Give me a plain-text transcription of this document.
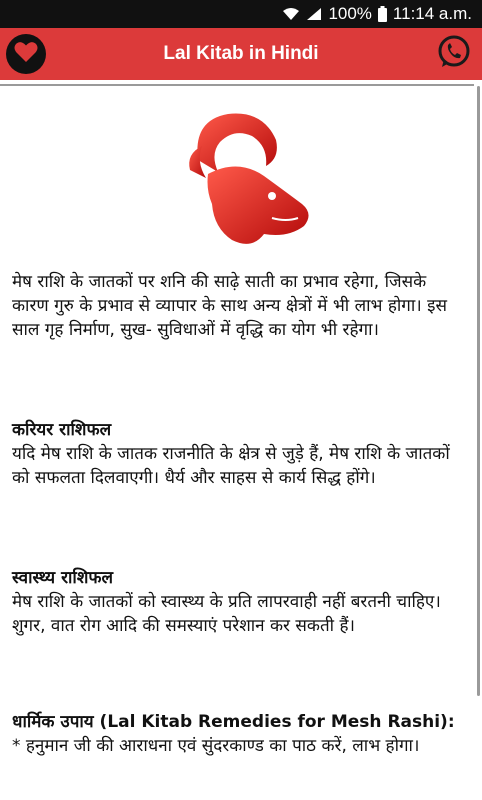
100% 11:14 a.m.
Lal Kitab in Hindi
मेष राशि के जातकों पर शनि की साढ़े साती का प्रभाव रहेगा, जिसके कारण गुरु के प्रभाव से व्यापार के साथ अन्य क्षेत्रों में भी लाभ होगा। इस साल गृह निर्माण, सुख- सुविधाओं में वृद्धि का योग भी रहेगा।
करियर राशिफल
यदि मेष राशि के जातक राजनीति के क्षेत्र से जुड़े हैं, मेष राशि के जातकों को सफलता दिलवाएगी। धैर्य और साहस से कार्य सिद्ध होंगे।
स्वास्थ्य राशिफल
मेष राशि के जातकों को स्वास्थ्य के प्रति लापरवाही नहीं बरतनी चाहिए। शुगर, वात रोग आदि की समस्याएं परेशान कर सकती हैं।
धार्मिक उपाय (Lal Kitab Remedies for Mesh Rashi):
* हनुमान जी की आराधना एवं सुंदरकाण्ड का पाठ करें, लाभ होगा।
